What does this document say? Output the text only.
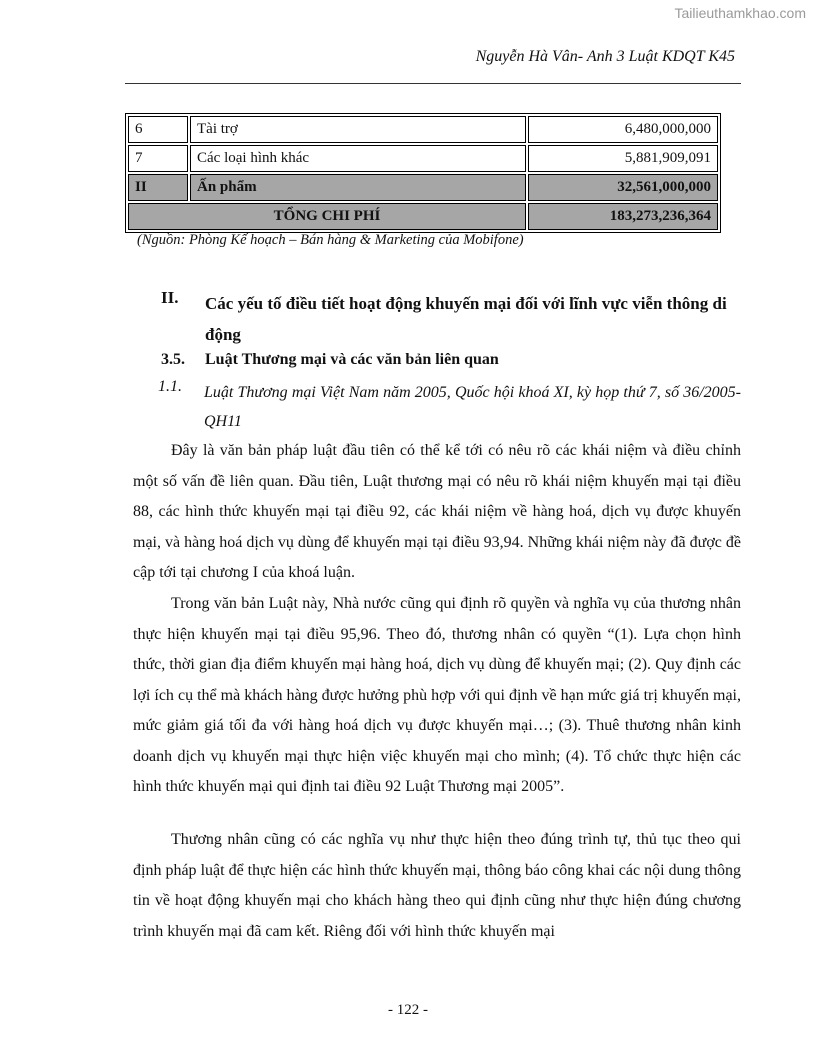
Tailieuthamkhao.com
Nguyễn Hà Vân- Anh 3 Luật KDQT K45
6	Tài trợ	6,480,000,000
7	Các loại hình khác	5,881,909,091
II	Ấn phẩm	32,561,000,000
TỔNG CHI PHÍ		183,273,236,364
(Nguồn: Phòng Kế hoạch – Bán hàng & Marketing của Mobifone)
II. Các yếu tố điều tiết hoạt động khuyến mại đối với lĩnh vực viễn thông di động
3.5. Luật Thương mại và các văn bản liên quan
1.1. Luật Thương mại Việt Nam năm 2005, Quốc hội khoá XI, kỳ họp thứ 7, số 36/2005-QH11

Đây là văn bản pháp luật đầu tiên có thể kể tới có nêu rõ các khái niệm và điều chỉnh một số vấn đề liên quan. Đầu tiên, Luật thương mại có nêu rõ khái niệm khuyến mại tại điều 88, các hình thức khuyến mại tại điều 92, các khái niệm về hàng hoá, dịch vụ được khuyến mại, và hàng hoá dịch vụ dùng để khuyến mại tại điều 93,94. Những khái niệm này đã được đề cập tới tại chương I của khoá luận.

Trong văn bản Luật này, Nhà nước cũng qui định rõ quyền và nghĩa vụ của thương nhân thực hiện khuyến mại tại điều 95,96. Theo đó, thương nhân có quyền “(1). Lựa chọn hình thức, thời gian địa điểm khuyến mại hàng hoá, dịch vụ dùng để khuyến mại; (2). Quy định các lợi ích cụ thể mà khách hàng được hưởng phù hợp với qui định về hạn mức giá trị khuyến mại, mức giảm giá tối đa với hàng hoá dịch vụ được khuyến mại…; (3). Thuê thương nhân kinh doanh dịch vụ khuyến mại thực hiện việc khuyến mại cho mình; (4). Tổ chức thực hiện các hình thức khuyến mại qui định tai điều 92 Luật Thương mại 2005”.

Thương nhân cũng có các nghĩa vụ như thực hiện theo đúng trình tự, thủ tục theo qui định pháp luật để thực hiện các hình thức khuyến mại, thông báo công khai các nội dung thông tin về hoạt động khuyến mại cho khách hàng theo qui định cũng như thực hiện đúng chương trình khuyến mại đã cam kết. Riêng đối với hình thức khuyến mại

- 122 -
